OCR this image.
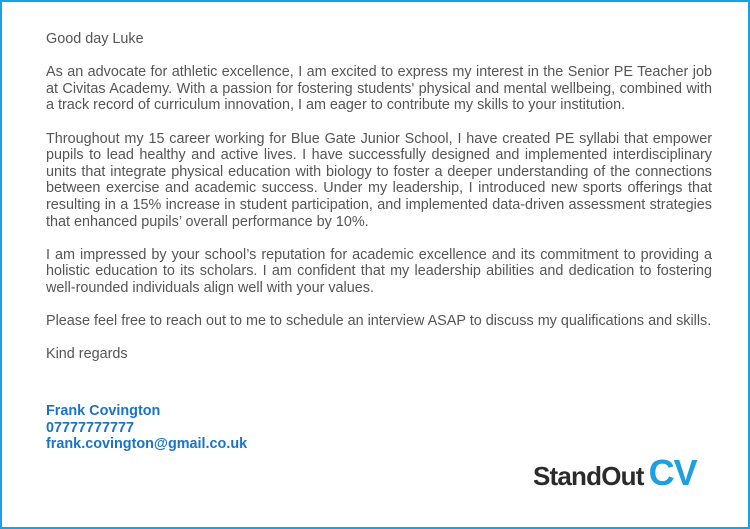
Good day Luke

As an advocate for athletic excellence, I am excited to express my interest in the Senior PE Teacher job at Civitas Academy. With a passion for fostering students' physical and mental wellbeing, combined with a track record of curriculum innovation, I am eager to contribute my skills to your institution.

Throughout my 15 career working for Blue Gate Junior School, I have created PE syllabi that empower pupils to lead healthy and active lives. I have successfully designed and implemented interdisciplinary units that integrate physical education with biology to foster a deeper understanding of the connections between exercise and academic success. Under my leadership, I introduced new sports offerings that resulting in a 15% increase in student participation, and implemented data-driven assessment strategies that enhanced pupils’ overall performance by 10%.

I am impressed by your school’s reputation for academic excellence and its commitment to providing a holistic education to its scholars. I am confident that my leadership abilities and dedication to fostering well-rounded individuals align well with your values.

Please feel free to reach out to me to schedule an interview ASAP to discuss my qualifications and skills.

Kind regards

Frank Covington
07777777777
frank.covington@gmail.co.uk
StandOut CV
